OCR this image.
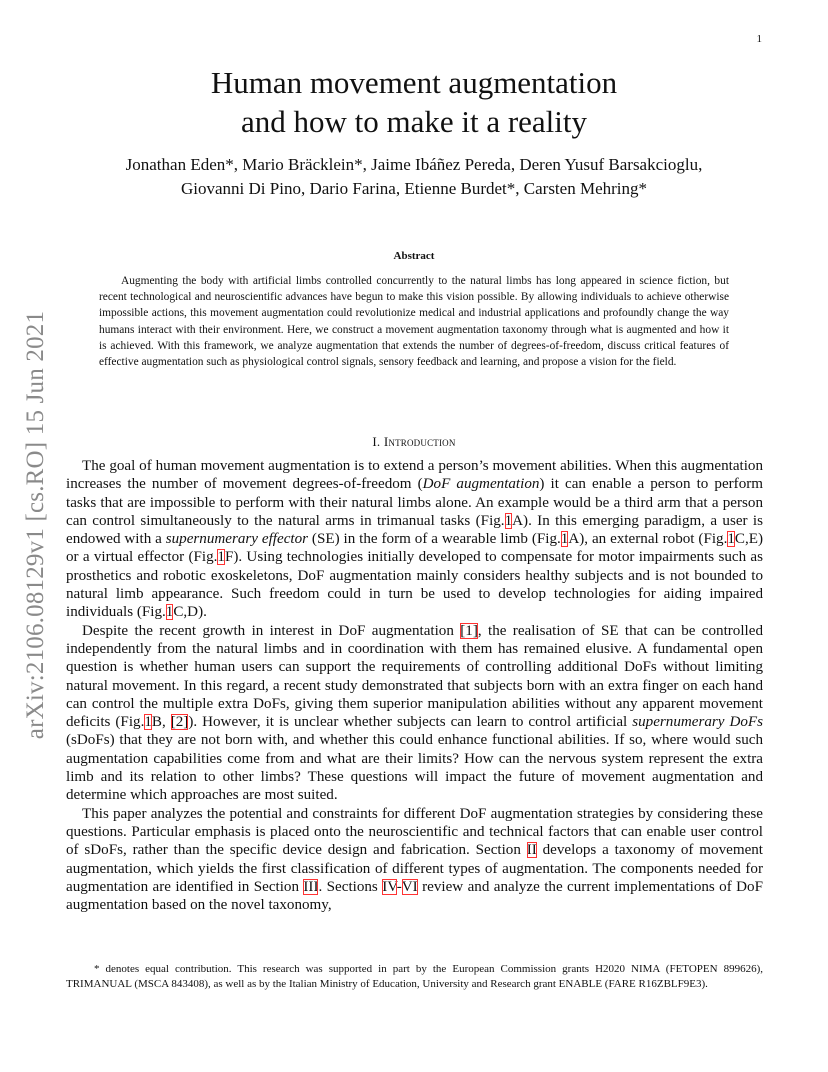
1
arXiv:2106.08129v1 [cs.RO] 15 Jun 2021
Human movement augmentation
and how to make it a reality
Jonathan Eden*, Mario Bräcklein*, Jaime Ibáñez Pereda, Deren Yusuf Barsakcioglu,
Giovanni Di Pino, Dario Farina, Etienne Burdet*, Carsten Mehring*
Abstract

Augmenting the body with artificial limbs controlled concurrently to the natural limbs has long appeared in science fiction, but recent technological and neuroscientific advances have begun to make this vision possible. By allowing individuals to achieve otherwise impossible actions, this movement augmentation could revolutionize medical and industrial applications and profoundly change the way humans interact with their environment. Here, we construct a movement augmentation taxonomy through what is augmented and how it is achieved. With this framework, we analyze augmentation that extends the number of degrees-of-freedom, discuss critical features of effective augmentation such as physiological control signals, sensory feedback and learning, and propose a vision for the field.

I. Introduction

The goal of human movement augmentation is to extend a person’s movement abilities. When this augmentation increases the number of movement degrees-of-freedom (DoF augmentation) it can enable a person to perform tasks that are impossible to perform with their natural limbs alone. An example would be a third arm that a person can control simultaneously to the natural arms in trimanual tasks (Fig.1A). In this emerging paradigm, a user is endowed with a supernumerary effector (SE) in the form of a wearable limb (Fig.1A), an external robot (Fig.1C,E) or a virtual effector (Fig.1F). Using technologies initially developed to compensate for motor impairments such as prosthetics and robotic exoskeletons, DoF augmentation mainly considers healthy subjects and is not bounded to natural limb appearance. Such freedom could in turn be used to develop technologies for aiding impaired individuals (Fig.1C,D).

Despite the recent growth in interest in DoF augmentation [1], the realisation of SE that can be controlled independently from the natural limbs and in coordination with them has remained elusive. A fundamental open question is whether human users can support the requirements of controlling additional DoFs without limiting natural movement. In this regard, a recent study demonstrated that subjects born with an extra finger on each hand can control the multiple extra DoFs, giving them superior manipulation abilities without any apparent movement deficits (Fig.1B, [2]). However, it is unclear whether subjects can learn to control artificial supernumerary DoFs (sDoFs) that they are not born with, and whether this could enhance functional abilities. If so, where would such augmentation capabilities come from and what are their limits? How can the nervous system represent the extra limb and its relation to other limbs? These questions will impact the future of movement augmentation and determine which approaches are most suited.

This paper analyzes the potential and constraints for different DoF augmentation strategies by considering these questions. Particular emphasis is placed onto the neuroscientific and technical factors that can enable user control of sDoFs, rather than the specific device design and fabrication. Section II develops a taxonomy of movement augmentation, which yields the first classification of different types of augmentation. The components needed for augmentation are identified in Section III. Sections IV-VI review and analyze the current implementations of DoF augmentation based on the novel taxonomy,

* denotes equal contribution. This research was supported in part by the European Commission grants H2020 NIMA (FETOPEN 899626), TRIMANUAL (MSCA 843408), as well as by the Italian Ministry of Education, University and Research grant ENABLE (FARE R16ZBLF9E3).
